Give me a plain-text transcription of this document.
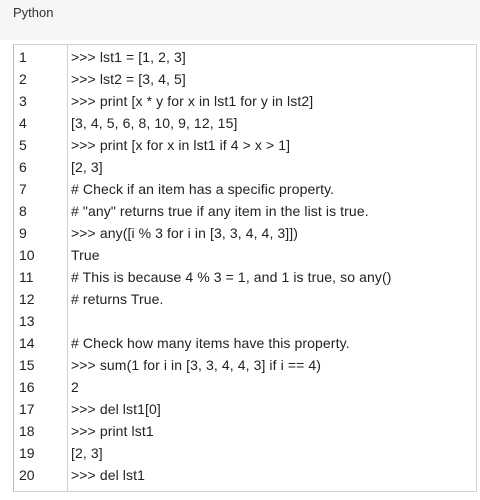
Python
1	>>> lst1 = [1, 2, 3]
2	>>> lst2 = [3, 4, 5]
3	>>> print [x * y for x in lst1 for y in lst2]
4	[3, 4, 5, 6, 8, 10, 9, 12, 15]
5	>>> print [x for x in lst1 if 4 > x > 1]
6	[2, 3]
7	# Check if an item has a specific property.
8	# "any" returns true if any item in the list is true.
9	>>> any([i % 3 for i in [3, 3, 4, 4, 3]])
10	True
11	# This is because 4 % 3 = 1, and 1 is true, so any()
12	# returns True.
13
14	# Check how many items have this property.
15	>>> sum(1 for i in [3, 3, 4, 4, 3] if i == 4)
16	2
17	>>> del lst1[0]
18	>>> print lst1
19	[2, 3]
20	>>> del lst1
